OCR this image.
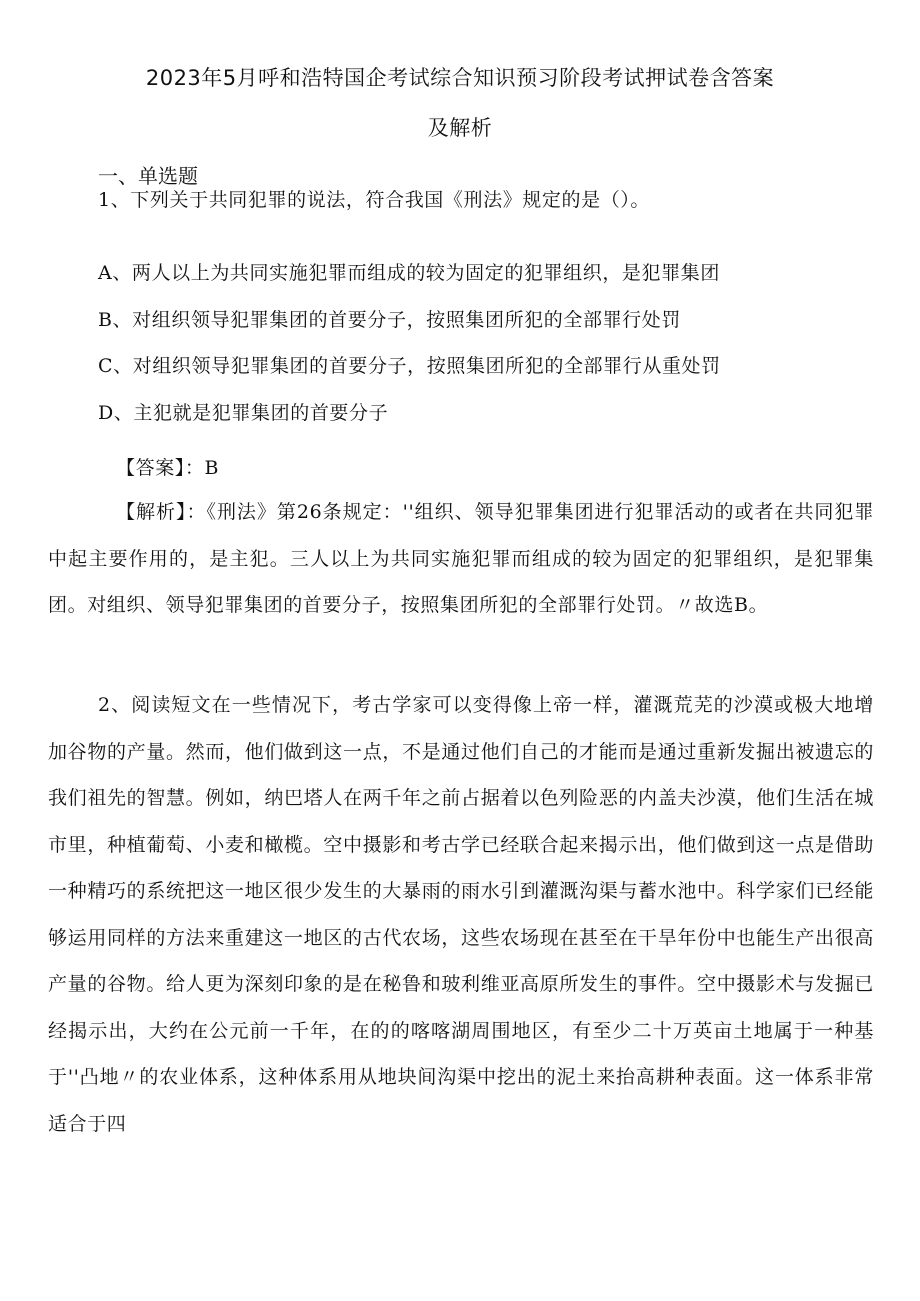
2023年5月呼和浩特国企考试综合知识预习阶段考试押试卷含答案
及解析
一、单选题
1、下列关于共同犯罪的说法，符合我国《刑法》规定的是（）。
A、两人以上为共同实施犯罪而组成的较为固定的犯罪组织，是犯罪集团
B、对组织领导犯罪集团的首要分子，按照集团所犯的全部罪行处罚
C、对组织领导犯罪集团的首要分子，按照集团所犯的全部罪行从重处罚
D、主犯就是犯罪集团的首要分子
【答案】：B

【解析】：《刑法》第26条规定：''组织、领导犯罪集团进行犯罪活动的或者在共同犯罪中起主要作用的，是主犯。三人以上为共同实施犯罪而组成的较为固定的犯罪组织，是犯罪集团。对组织、领导犯罪集团的首要分子，按照集团所犯的全部罪行处罚。〃故选B。

2、阅读短文在一些情况下，考古学家可以变得像上帝一样，灌溉荒芜的沙漠或极大地增加谷物的产量。然而，他们做到这一点，不是通过他们自己的才能而是通过重新发掘出被遗忘的我们祖先的智慧。例如，纳巴塔人在两千年之前占据着以色列险恶的内盖夫沙漠，他们生活在城市里，种植葡萄、小麦和橄榄。空中摄影和考古学已经联合起来揭示出，他们做到这一点是借助一种精巧的系统把这一地区很少发生的大暴雨的雨水引到灌溉沟渠与蓄水池中。科学家们已经能够运用同样的方法来重建这一地区的古代农场，这些农场现在甚至在干旱年份中也能生产出很高产量的谷物。给人更为深刻印象的是在秘鲁和玻利维亚高原所发生的事件。空中摄影术与发掘已经揭示出，大约在公元前一千年，在的的喀喀湖周围地区，有至少二十万英亩土地属于一种基于''凸地〃的农业体系，这种体系用从地块间沟渠中挖出的泥土来抬高耕种表面。这一体系非常适合于四
